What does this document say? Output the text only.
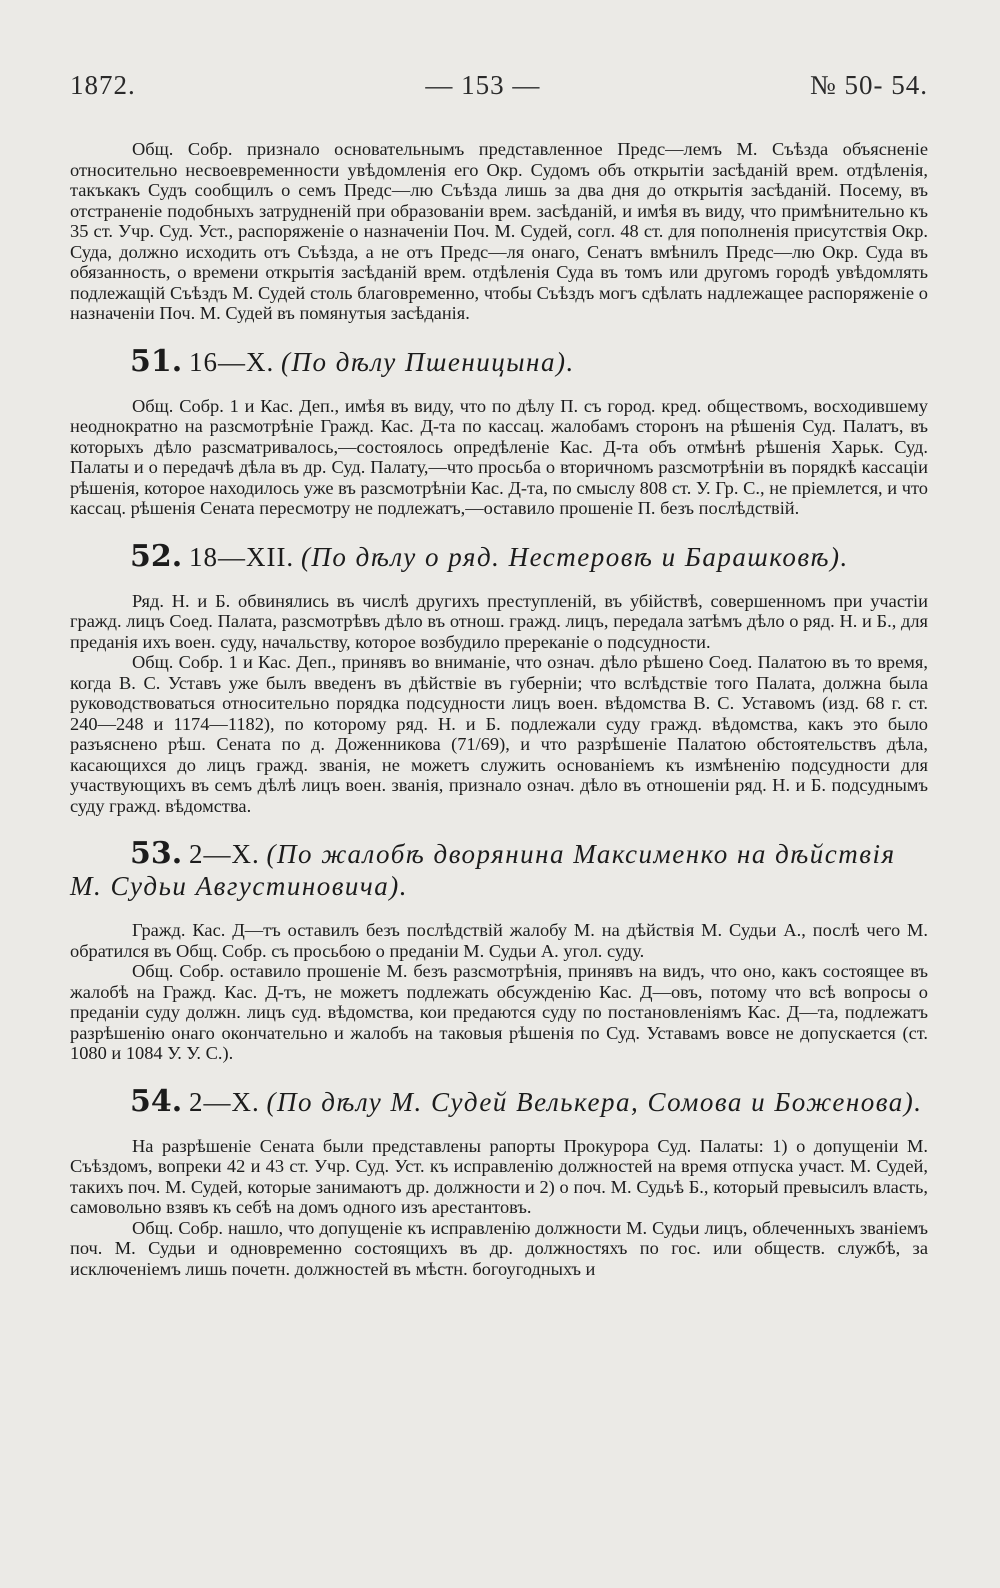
1872.	— 153 —	№ 50- 54.

Общ. Собр. признало основательнымъ представленное Предс—лемъ М. Съѣзда объясненіе относительно несвоевременности увѣдомленія его Окр. Судомъ объ открытіи засѣданій врем. отдѣленія, такъкакъ Судъ сообщилъ о семъ Предс—лю Съѣзда лишь за два дня до открытія засѣданій. Посему, въ отстраненіе подобныхъ затрудненій при образованіи врем. засѣданій, и имѣя въ виду, что примѣнительно къ 35 ст. Учр. Суд. Уст., распоряженіе о назначеніи Поч. М. Судей, согл. 48 ст. для пополненія присутствія Окр. Суда, должно исходить отъ Съѣзда, а не отъ Предс—ля онаго, Сенатъ вмѣнилъ Предс—лю Окр. Суда въ обязанность, о времени открытія засѣданій врем. отдѣленія Суда въ томъ или другомъ городѣ увѣдомлять подлежащій Съѣздъ М. Судей столь благовременно, чтобы Съѣздъ могъ сдѣлать надлежащее распоряженіе о назначеніи Поч. М. Судей въ помянутыя засѣданія.

51. 16—X. (По дѣлу Пшеницына).

Общ. Собр. 1 и Кас. Деп., имѣя въ виду, что по дѣлу П. съ город. кред. обществомъ, восходившему неоднократно на разсмотрѣніе Гражд. Кас. Д-та по кассац. жалобамъ сторонъ на рѣшенія Суд. Палатъ, въ которыхъ дѣло разсматривалось,—состоялось опредѣленіе Кас. Д-та объ отмѣнѣ рѣшенія Харьк. Суд. Палаты и о передачѣ дѣла въ др. Суд. Палату,—что просьба о вторичномъ разсмотрѣніи въ порядкѣ кассаціи рѣшенія, которое находилось уже въ разсмотрѣніи Кас. Д-та, по смыслу 808 ст. У. Гр. С., не пріемлется, и что кассац. рѣшенія Сената пересмотру не подлежатъ,—оставило прошеніе П. безъ послѣдствій.

52. 18—XII. (По дѣлу о ряд. Нестеровѣ и Барашковѣ).

Ряд. Н. и Б. обвинялись въ числѣ другихъ преступленій, въ убійствѣ, совершенномъ при участіи гражд. лицъ Соед. Палата, разсмотрѣвъ дѣло въ отнош. гражд. лицъ, передала затѣмъ дѣло о ряд. Н. и Б., для преданія ихъ воен. суду, начальству, которое возбудило пререканіе о подсудности.

Общ. Собр. 1 и Кас. Деп., принявъ во вниманіе, что означ. дѣло рѣшено Соед. Палатою въ то время, когда В. С. Уставъ уже былъ введенъ въ дѣйствіе въ губерніи; что вслѣдствіе того Палата, должна была руководствоваться относительно порядка подсудности лицъ воен. вѣдомства В. С. Уставомъ (изд. 68 г. ст. 240—248 и 1174—1182), по которому ряд. Н. и Б. подлежали суду гражд. вѣдомства, какъ это было разъяснено рѣш. Сената по д. Доженникова (71/69), и что разрѣшеніе Палатою обстоятельствъ дѣла, касающихся до лицъ гражд. званія, не можетъ служить основаніемъ къ измѣненію подсудности для участвующихъ въ семъ дѣлѣ лицъ воен. званія, признало означ. дѣло въ отношеніи ряд. Н. и Б. подсуднымъ суду гражд. вѣдомства.

53. 2—X. (По жалобѣ дворянина Максименко на дѣйствія М. Судьи Августиновича).

Гражд. Кас. Д—тъ оставилъ безъ послѣдствій жалобу М. на дѣйствія М. Судьи А., послѣ чего М. обратился въ Общ. Собр. съ просьбою о преданіи М. Судьи А. угол. суду.

Общ. Собр. оставило прошеніе М. безъ разсмотрѣнія, принявъ на видъ, что оно, какъ состоящее въ жалобѣ на Гражд. Кас. Д-тъ, не можетъ подлежать обсужденію Кас. Д—овъ, потому что всѣ вопросы о преданіи суду должн. лицъ суд. вѣдомства, кои предаются суду по постановленіямъ Кас. Д—та, подлежатъ разрѣшенію онаго окончательно и жалобъ на таковыя рѣшенія по Суд. Уставамъ вовсе не допускается (ст. 1080 и 1084 У. У. С.).

54. 2—X. (По дѣлу М. Судей Велькера, Сомова и Боженова).

На разрѣшеніе Сената были представлены рапорты Прокурора Суд. Палаты: 1) о допущеніи М. Съѣздомъ, вопреки 42 и 43 ст. Учр. Суд. Уст. къ исправленію должностей на время отпуска участ. М. Судей, такихъ поч. М. Судей, которые занимаютъ др. должности и 2) о поч. М. Судьѣ Б., который превысилъ власть, самовольно взявъ къ себѣ на домъ одного изъ арестантовъ.

Общ. Собр. нашло, что допущеніе къ исправленію должности М. Судьи лицъ, облеченныхъ званіемъ поч. М. Судьи и одновременно состоящихъ въ др. должностяхъ по гос. или обществ. службѣ, за исключеніемъ лишь почетн. должностей въ мѣстн. богоугодныхъ и
